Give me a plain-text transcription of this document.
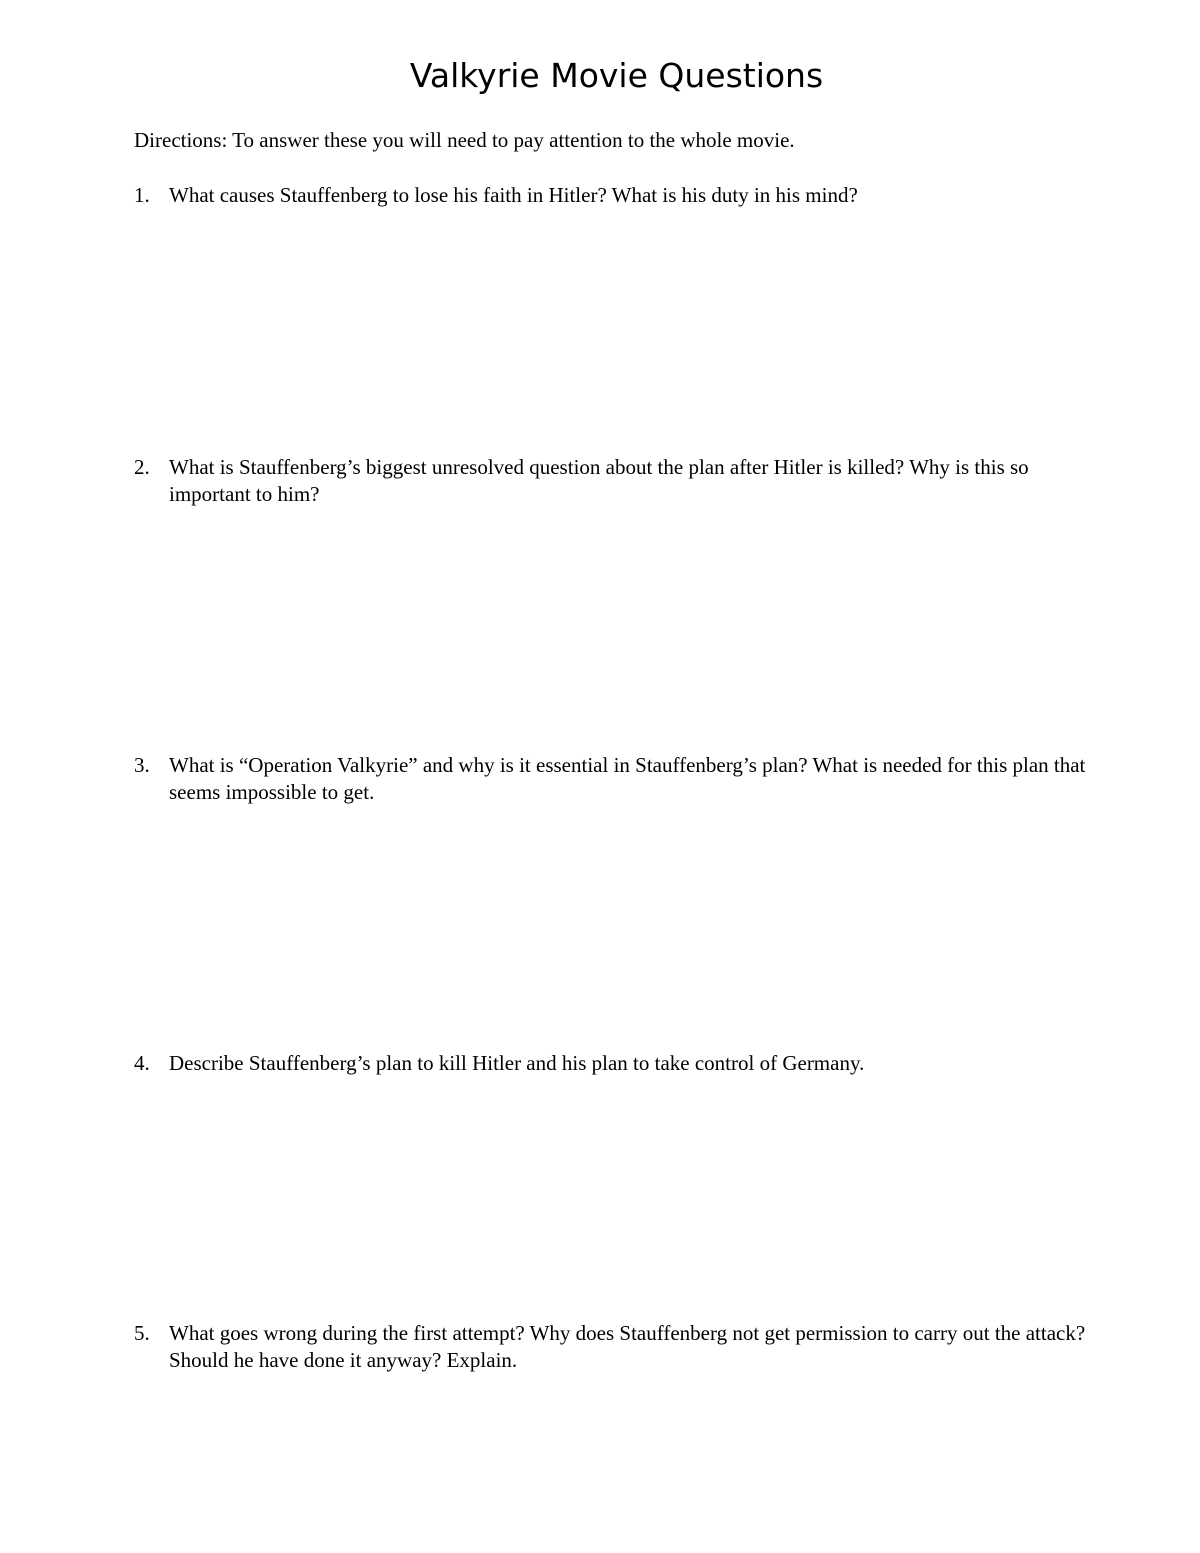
Valkyrie Movie Questions

Directions: To answer these you will need to pay attention to the whole movie.

1. What causes Stauffenberg to lose his faith in Hitler? What is his duty in his mind?
2. What is Stauffenberg’s biggest unresolved question about the plan after Hitler is killed? Why is this so important to him?
3. What is “Operation Valkyrie” and why is it essential in Stauffenberg’s plan? What is needed for this plan that seems impossible to get.
4. Describe Stauffenberg’s plan to kill Hitler and his plan to take control of Germany.
5. What goes wrong during the first attempt? Why does Stauffenberg not get permission to carry out the attack? Should he have done it anyway? Explain.
